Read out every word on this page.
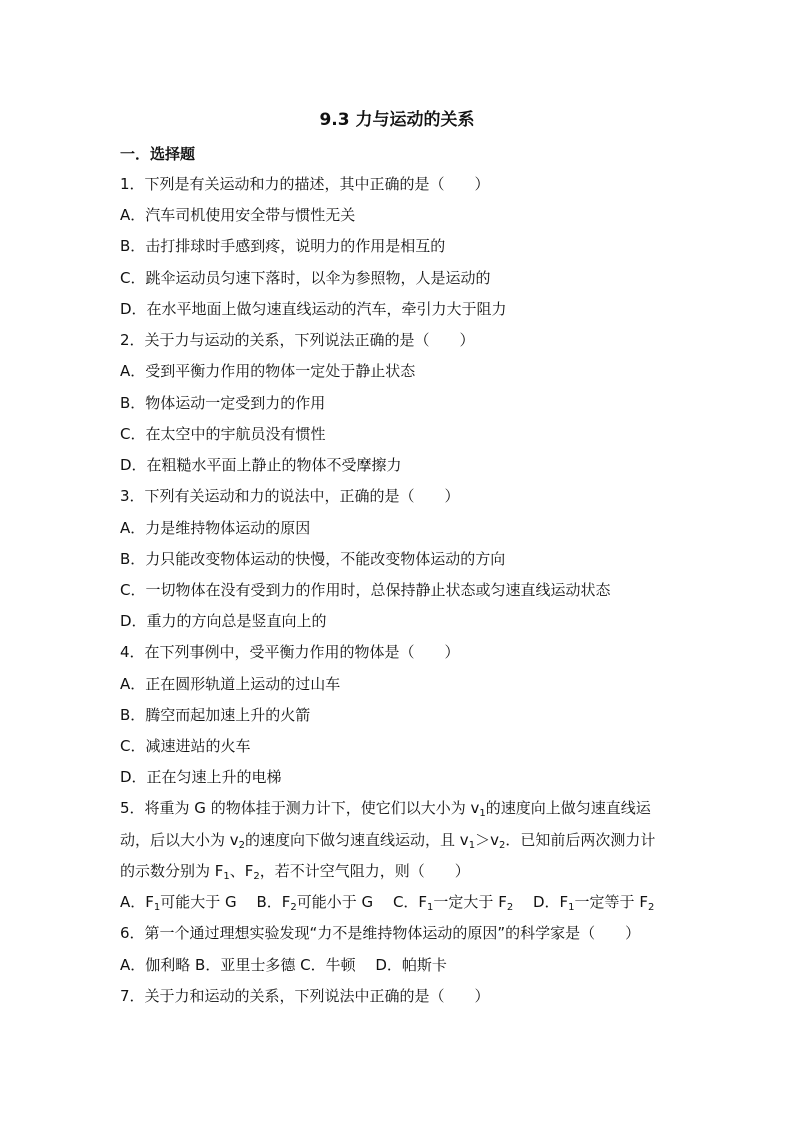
9.3 力与运动的关系
一．选择题
1．下列是有关运动和力的描述，其中正确的是（　　）
A．汽车司机使用安全带与惯性无关
B．击打排球时手感到疼，说明力的作用是相互的
C．跳伞运动员匀速下落时，以伞为参照物，人是运动的
D．在水平地面上做匀速直线运动的汽车，牵引力大于阻力
2．关于力与运动的关系，下列说法正确的是（　　）
A．受到平衡力作用的物体一定处于静止状态
B．物体运动一定受到力的作用
C．在太空中的宇航员没有惯性
D．在粗糙水平面上静止的物体不受摩擦力
3．下列有关运动和力的说法中，正确的是（　　）
A．力是维持物体运动的原因
B．力只能改变物体运动的快慢，不能改变物体运动的方向
C．一切物体在没有受到力的作用时，总保持静止状态或匀速直线运动状态
D．重力的方向总是竖直向上的
4．在下列事例中，受平衡力作用的物体是（　　）
A．正在圆形轨道上运动的过山车
B．腾空而起加速上升的火箭
C．减速进站的火车
D．正在匀速上升的电梯
5．将重为 G 的物体挂于测力计下，使它们以大小为 $v_1$的速度向上做匀速直线运
动，后以大小为 $v_2$的速度向下做匀速直线运动，且 $v_1>v_2$．已知前后两次测力计
的示数分别为 $F_1$、$F_2$，若不计空气阻力，则（　　）
A．$F_1$可能大于 G　 B．$F_2$可能小于 G　 C．$F_1$一定大于 $F_2$　 D．$F_1$一定等于 $F_2$
6．第一个通过理想实验发现“力不是维持物体运动的原因”的科学家是（　　）
A．伽利略 B．亚里士多德 C．牛顿　 D．帕斯卡
7．关于力和运动的关系，下列说法中正确的是（　　）
